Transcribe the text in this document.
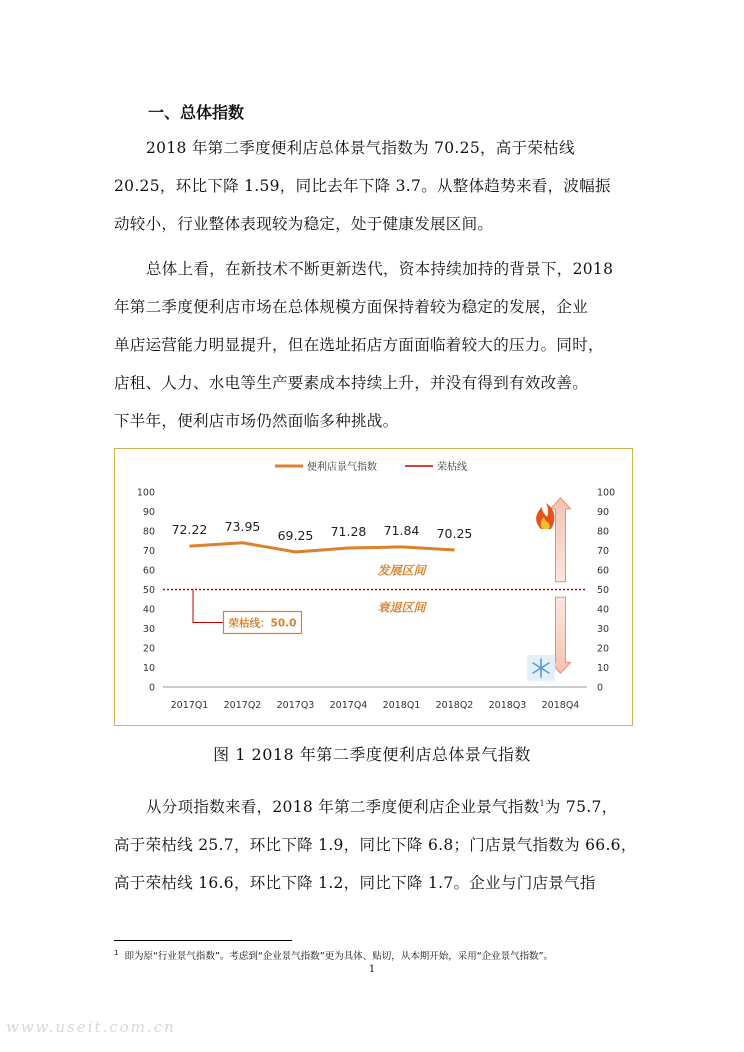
一、总体指数
2018 年第二季度便利店总体景气指数为 70.25，高于荣枯线
20.25，环比下降 1.59，同比去年下降 3.7。从整体趋势来看，波幅振
动较小，行业整体表现较为稳定，处于健康发展区间。
总体上看，在新技术不断更新迭代，资本持续加持的背景下，2018
年第二季度便利店市场在总体规模方面保持着较为稳定的发展，企业
单店运营能力明显提升，但在选址拓店方面面临着较大的压力。同时，
店租、人力、水电等生产要素成本持续上升，并没有得到有效改善。
下半年，便利店市场仍然面临多种挑战。
便利店景气指数	荣枯线
0
10
20
30
40
50
60
70
80
90
100
0
10
20
30
40
50
60
70
80
90
100
2017Q1 2017Q2 2017Q3 2017Q4 2018Q1 2018Q2 2018Q3 2018Q4
72.22 73.95
69.25 71.28 71.84 70.25
发展区间
衰退区间
荣枯线：50.0
图 1 2018 年第二季度便利店总体景气指数
从分项指数来看，2018 年第二季度便利店企业景气指数$^1$为 75.7，
高于荣枯线 25.7，环比下降 1.9，同比下降 6.8；门店景气指数为 66.6，
高于荣枯线 16.6，环比下降 1.2，同比下降 1.7。企业与门店景气指
$^1$ 即为原“行业景气指数”。考虑到“企业景气指数”更为具体、贴切，从本期开始，采用“企业景气指数”。
1
www.useit.com.cn
